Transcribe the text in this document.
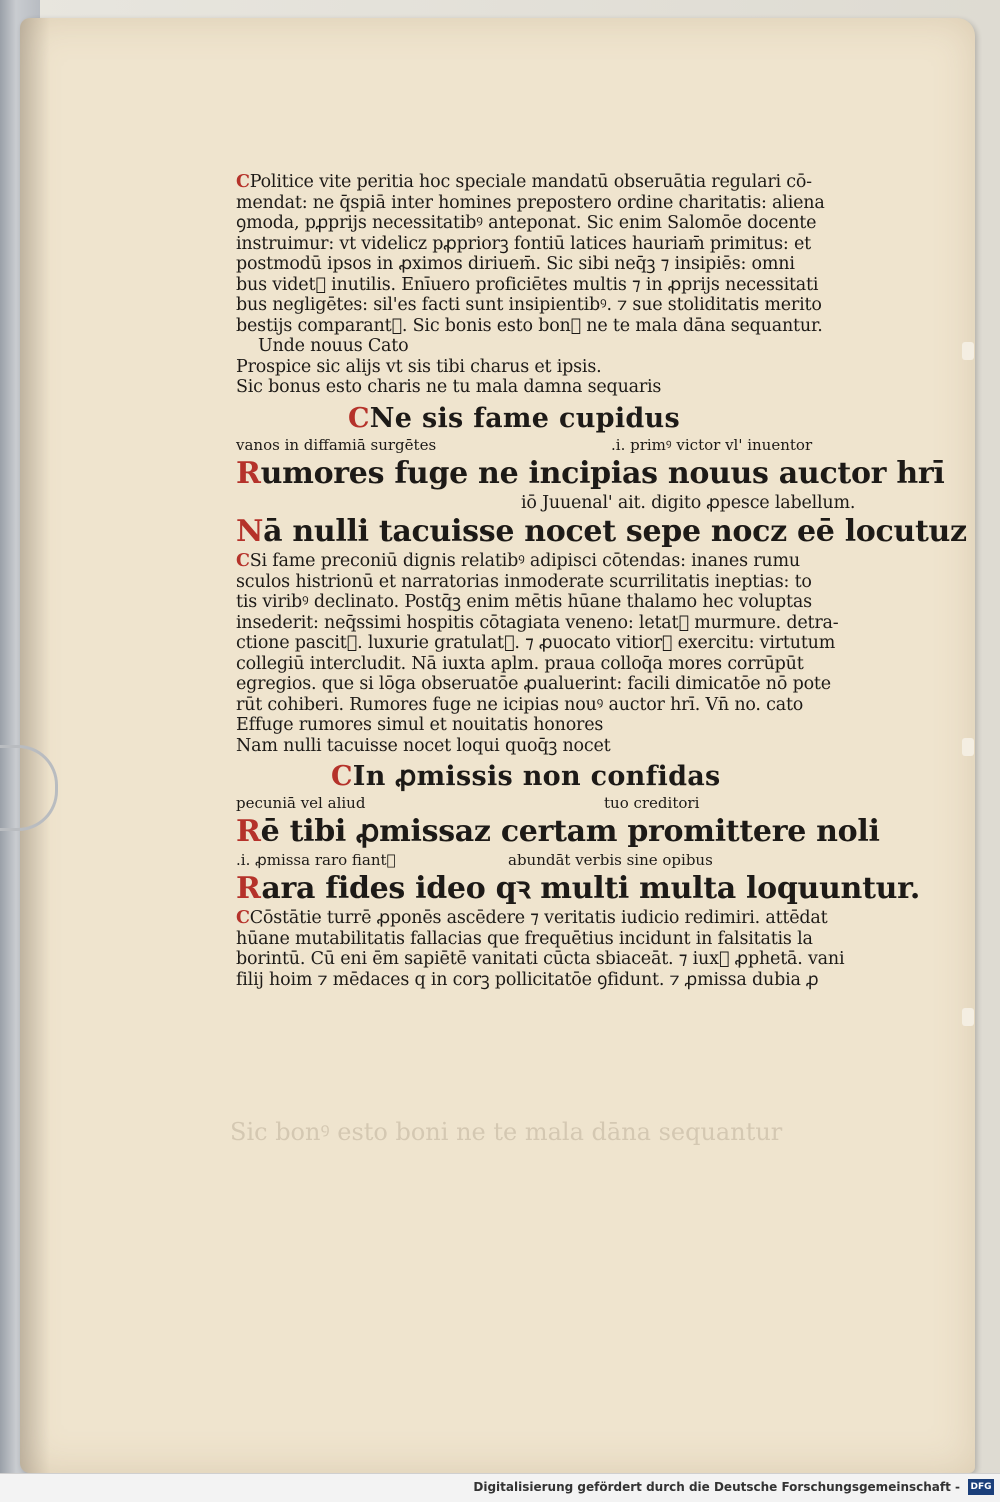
Sic bonꝰ esto boni ne te mala dāna sequantur
CPolitice vite peritia hoc speciale mandatū obseruātia regulari cō-
mendat: ne q̄spiā inter homines prepostero ordine charitatis: aliena
ꝯmoda, pꝓprijs necessitatibꝰ anteponat. Sic enim Salomōe docente
instruimur: vt videlicz pꝓpriorꝫ fontiū latices hauriam̄ primitus: et
postmodū ipsos in ꝓximos diriuem̄. Sic sibi neq̄ꝫ ⁊ insipiēs: omni
bus videtᷣ inutilis. Enīuero proficiētes multis ⁊ in ꝓprijs necessitati
bus negligētes: sil'es facti sunt insipientibꝰ. ⁊ sue stoliditatis merito
bestijs comparantᷣ. Sic bonis esto bonꝰ ne te mala dāna sequantur.
Unde nouus Cato
Prospice sic alijs vt sis tibi charus et ipsis.
Sic bonus esto charis ne tu mala damna sequaris
CNe sis fame cupidus
vanos in diffamiā surgētes	.i. primꝰ victor vl' inuentor
Rumores fuge ne incipias nouus auctor hrī
iō Juuenal' ait. digito ꝓpesce labellum.
Nā nulli tacuisse nocet sepe nocz eē locutuz
CSi fame preconiū dignis relatibꝰ adipisci cōtendas: inanes rumu
sculos histrionū et narratorias inmoderate scurrilitatis ineptias: to
tis viribꝰ declinato. Postq̄ꝫ enim mētis hūane thalamo hec voluptas
insederit: neq̄ssimi hospitis cōtagiata veneno: letatᷣ murmure. detra-
ctione pascitᷣ. luxurie gratulatᷣ. ⁊ ꝓuocato vitiorꝫ exercitu: virtutum
collegiū intercludit. Nā iuxta aplm. praua colloq̄a mores corrūpūt
egregios. que si lōga obseruatōe ꝓualuerint: facili dimicatōe nō pote
rūt cohiberi. Rumores fuge ne icipias nouꝰ auctor hrī. Vn̄ no. cato
Effuge rumores simul et nouitatis honores
Nam nulli tacuisse nocet loqui quoq̄ꝫ nocet
CIn ꝓmissis non confidas
pecuniā vel aliud	tuo creditori
Rē tibi ꝓmissaz certam promittere noli
.i. ꝓmissa raro fiantᷣ	abundāt verbis sine opibus
Rara fides ideo qꝛ multi multa loquuntur.
CCōstātie turrē ꝓponēs ascēdere ⁊ veritatis iudicio redimiri. attēdat
hūane mutabilitatis fallacias que frequētius incidunt in falsitatis la
borintū. Cū eni ēm sapiētē vanitati cūcta sbiaceāt. ⁊ iuxᷣ ꝓphetā. vani
filij hoim ⁊ mēdaces q in corꝫ pollicitatōe ꝯfidunt. ⁊ ꝓmissa dubia ꝓ
Digitalisierung gefördert durch die Deutsche Forschungsgemeinschaft - DFG
